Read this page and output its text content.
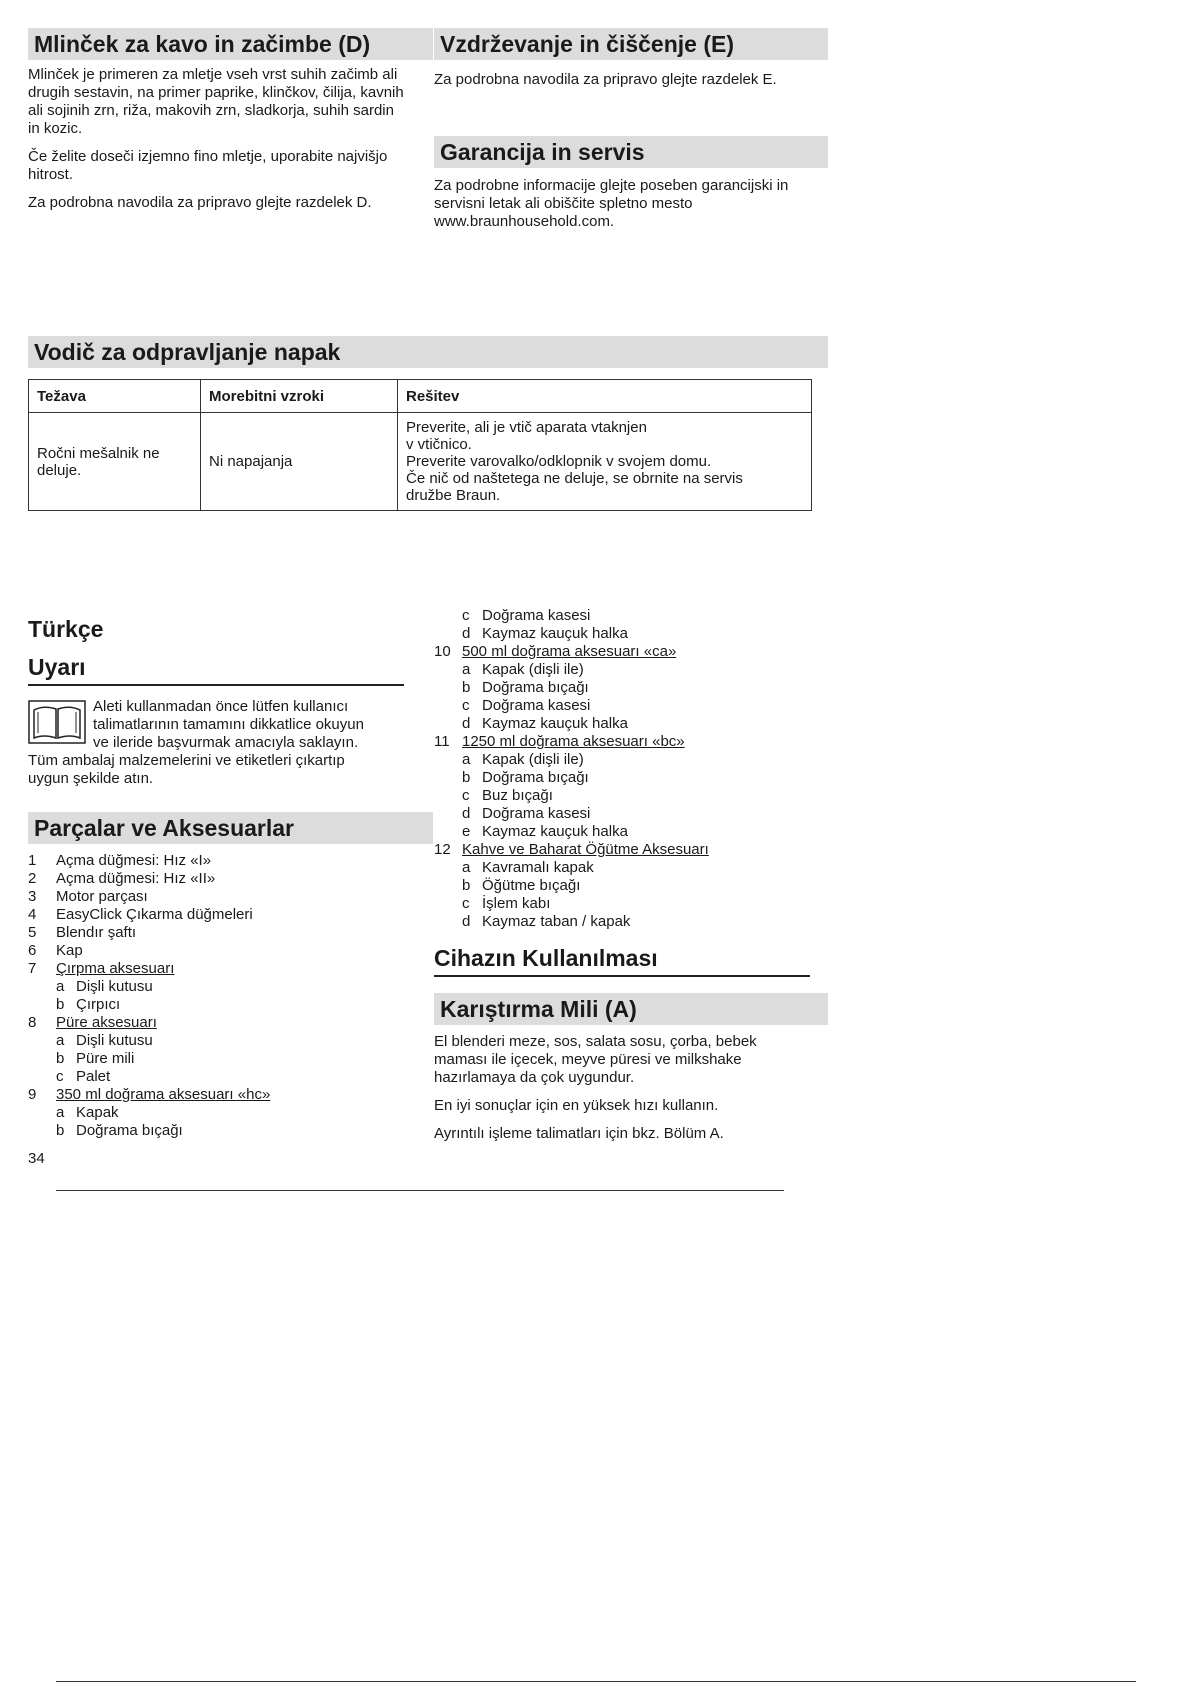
Mlinček za kavo in začimbe (D)

Mlinček je primeren za mletje vseh vrst suhih začimb ali drugih sestavin, na primer paprike, klinčkov, čilija, kavnih ali sojinih zrn, riža, makovih zrn, sladkorja, suhih sardin in kozic.

Če želite doseči izjemno fino mletje, uporabite najvišjo hitrost.

Za podrobna navodila za pripravo glejte razdelek D.

Vzdrževanje in čiščenje (E)
Za podrobna navodila za pripravo glejte razdelek E.
Garancija in servis
Za podrobne informacije glejte poseben garancijski in servisni letak ali obiščite spletno mesto www.braunhousehold.com.
Vodič za odpravljanje napak
Težava	Morebitni vzroki	Rešitev
Ročni mešalnik ne deluje.	Ni napajanja	Preverite, ali je vtič aparata vtaknjen
v vtičnico.
Preverite varovalko/odklopnik v svojem domu.
Če nič od naštetega ne deluje, se obrnite na servis
družbe Braun.
Türkçe
Uyarı
Aleti kullanmadan önce lütfen kullanıcı
talimatlarının tamamını dikkatlice okuyun
ve ileride başvurmak amacıyla saklayın.
Tüm ambalaj malzemelerini ve etiketleri çıkartıp
uygun şekilde atın.
Parçalar ve Aksesuarlar
1	Açma düğmesi: Hız «I»
2	Açma düğmesi: Hız «II»
3	Motor parçası
4	EasyClick Çıkarma düğmeleri
5	Blendır şaftı
6	Kap
7	Çırpma aksesuarı
a Dişli kutusu
b Çırpıcı
8	Püre aksesuarı
a Dişli kutusu
b Püre mili
c Palet
9	350 ml doğrama aksesuarı «hc»
a Kapak
b Doğrama bıçağı
34
c Doğrama kasesi
d Kaymaz kauçuk halka
10 500 ml doğrama aksesuarı «ca»
a Kapak (dişli ile)
b Doğrama bıçağı
c Doğrama kasesi
d Kaymaz kauçuk halka
11 1250 ml doğrama aksesuarı «bc»
a Kapak (dişli ile)
b Doğrama bıçağı
c Buz bıçağı
d Doğrama kasesi
e Kaymaz kauçuk halka
12 Kahve ve Baharat Öğütme Aksesuarı
a Kavramalı kapak
b Öğütme bıçağı
c İşlem kabı
d Kaymaz taban / kapak
Cihazın Kullanılması
Karıştırma Mili (A)

El blenderi meze, sos, salata sosu, çorba, bebek maması ile içecek, meyve püresi ve milkshake hazırlamaya da çok uygundur.

En iyi sonuçlar için en yüksek hızı kullanın.

Ayrıntılı işleme talimatları için bkz. Bölüm A.
